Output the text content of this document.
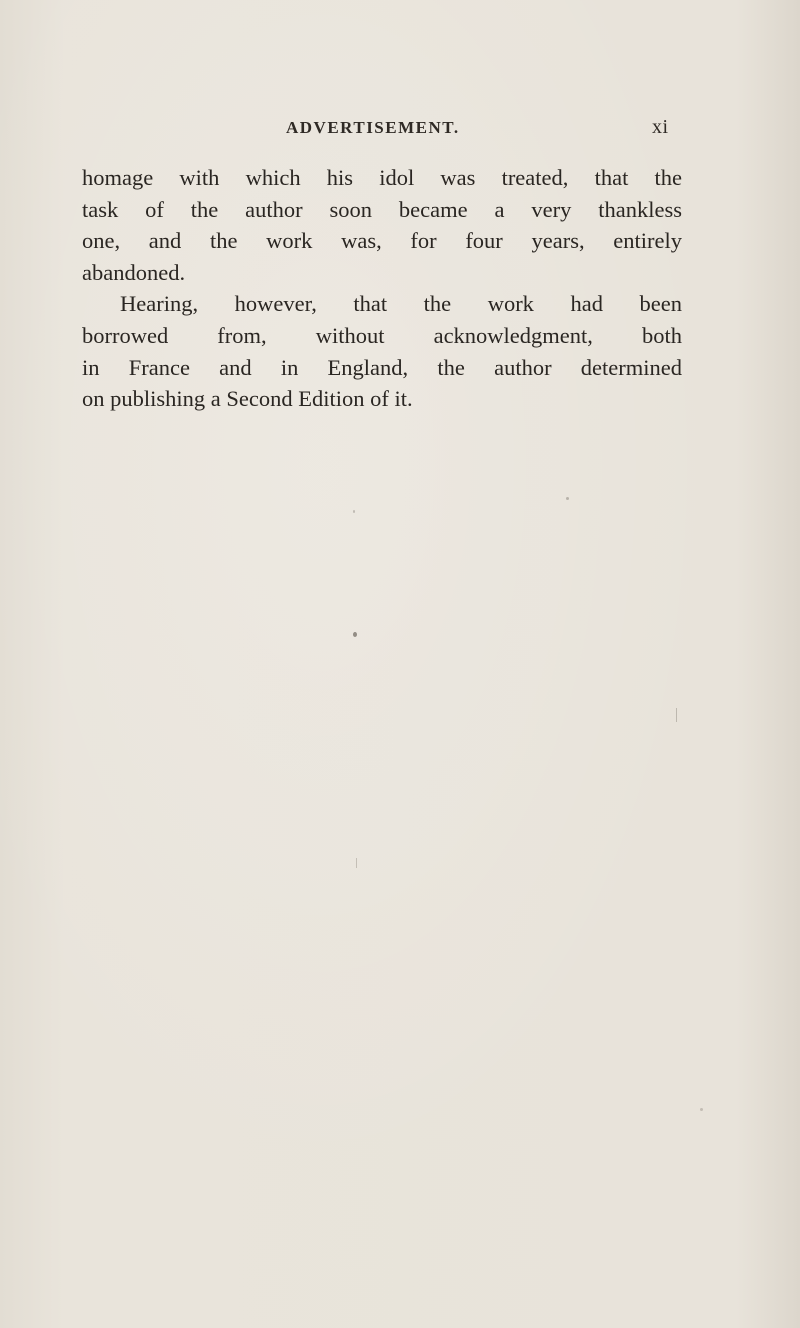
ADVERTISEMENT.	xi
homage with which his idol was treated, that the
task of the author soon became a very thankless
one, and the work was, for four years, entirely
abandoned.
Hearing, however, that the work had been
borrowed from, without acknowledgment, both
in France and in England, the author determined
on publishing a Second Edition of it.
